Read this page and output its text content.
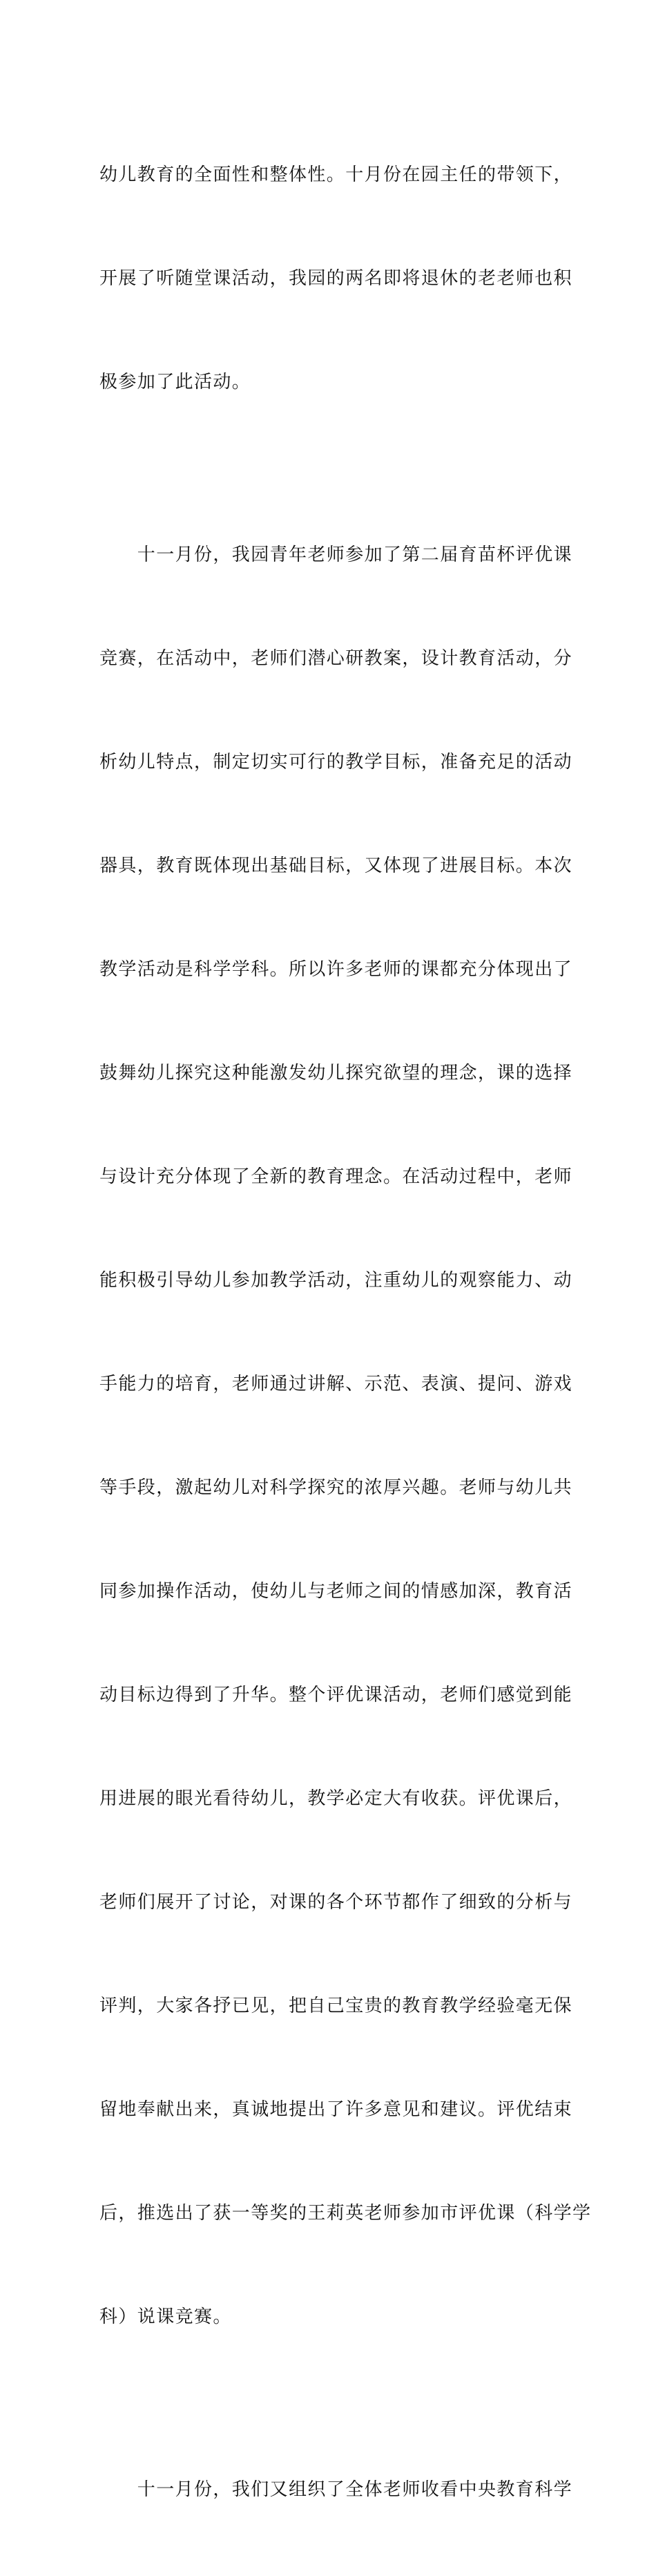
幼儿教育的全面性和整体性。十月份在园主任的带领下，

开展了听随堂课活动，我园的两名即将退休的老老师也积

极参加了此活动。

　　十一月份，我园青年老师参加了第二届育苗杯评优课

竞赛，在活动中，老师们潜心研教案，设计教育活动，分

析幼儿特点，制定切实可行的教学目标，准备充足的活动

器具，教育既体现出基础目标，又体现了进展目标。本次

教学活动是科学学科。所以许多老师的课都充分体现出了

鼓舞幼儿探究这种能激发幼儿探究欲望的理念，课的选择

与设计充分体现了全新的教育理念。在活动过程中，老师

能积极引导幼儿参加教学活动，注重幼儿的观察能力、动

手能力的培育，老师通过讲解、示范、表演、提问、游戏

等手段，激起幼儿对科学探究的浓厚兴趣。老师与幼儿共

同参加操作活动，使幼儿与老师之间的情感加深，教育活

动目标边得到了升华。整个评优课活动，老师们感觉到能

用进展的眼光看待幼儿，教学必定大有收获。评优课后，

老师们展开了讨论，对课的各个环节都作了细致的分析与

评判，大家各抒已见，把自己宝贵的教育教学经验毫无保

留地奉献出来，真诚地提出了许多意见和建议。评优结束

后，推选出了获一等奖的王莉英老师参加市评优课（科学学

科）说课竞赛。

　　十一月份，我们又组织了全体老师收看中央教育科学
